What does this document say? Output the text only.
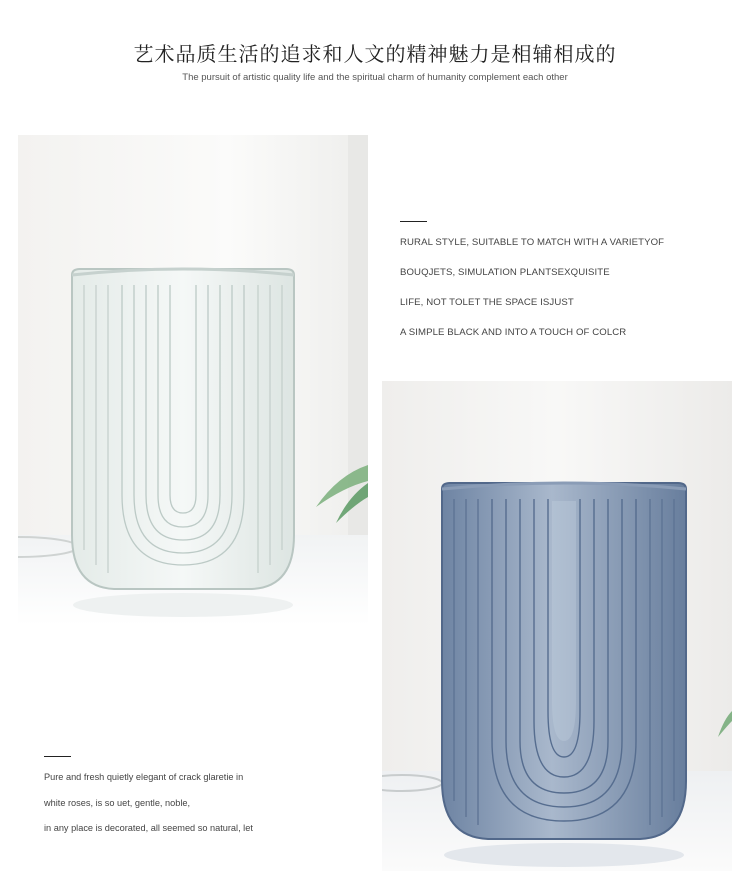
艺术品质生活的追求和人文的精神魅力是相辅相成的
The pursuit of artistic quality life and the spiritual charm of humanity complement each other

RURAL STYLE, SUITABLE TO MATCH WITH A VARIETYOF

BOUQJETS, SIMULATION PLANTSEXQUISITE

LIFE, NOT TOLET THE SPACE ISJUST

A SIMPLE BLACK AND INTO A TOUCH OF COLCR

Pure and fresh quietly elegant of crack glaretie in

white roses, is so uet, gentle, noble,

in any place is decorated, all seemed so natural, let
